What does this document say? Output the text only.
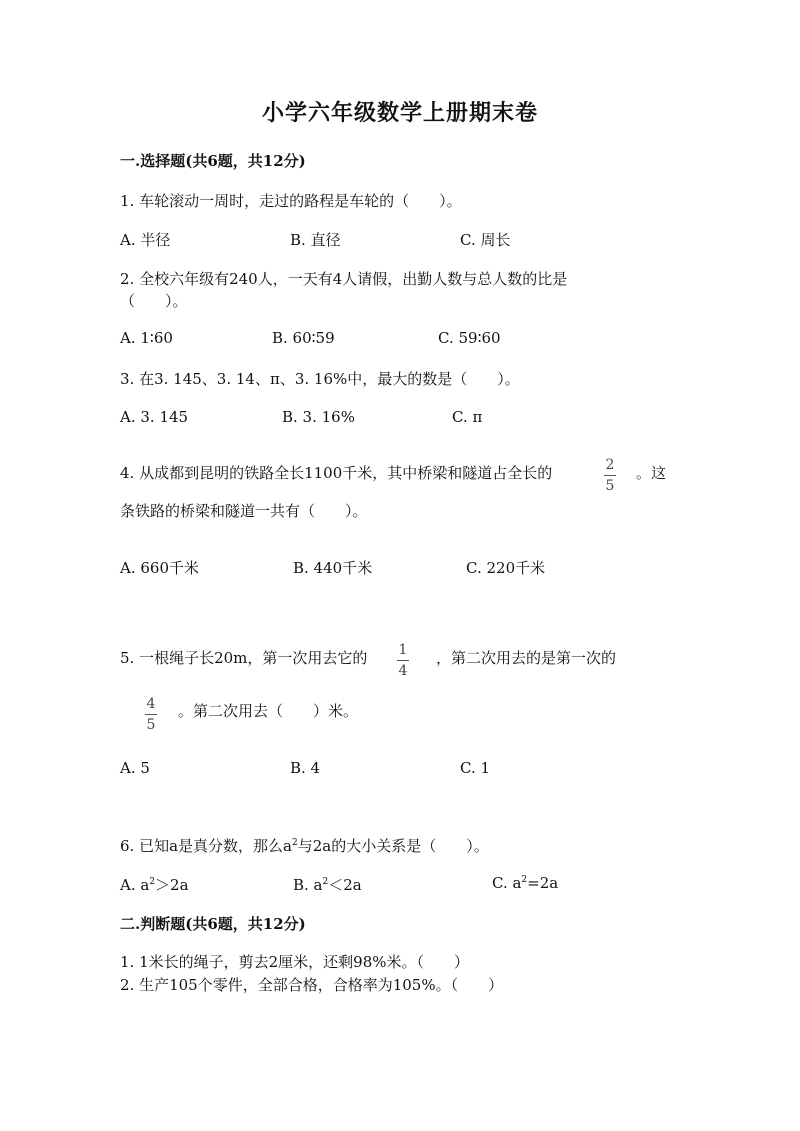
小学六年级数学上册期末卷
一.选择题(共6题，共12分)
1. 车轮滚动一周时，走过的路程是车轮的（　　）。
A. 半径	B. 直径	C. 周长
2. 全校六年级有240人，一天有4人请假，出勤人数与总人数的比是
（　　）。
A. 1∶60	B. 60∶59	C. 59∶60
3. 在3. 145、3. 14、π、3. 16%中，最大的数是（　　）。
A. 3. 145	B. 3. 16%	C. π
4. 从成都到昆明的铁路全长1100千米，其中桥梁和隧道占全长的	$\frac{2}{5}$ 。这
条铁路的桥梁和隧道一共有（　　）。
A. 660千米	B. 440千米	C. 220千米
5. 一根绳子长20m，第一次用去它的 $\frac{1}{4}$ ，第二次用去的是第一次的
$\frac{4}{5}$ 。第二次用去（　　）米。
A. 5	B. 4	C. 1
6. 已知a是真分数，那么$a^2$与2a的大小关系是（　　）。
A. $a^2>2a$	B. $a^2<2a$	C. $a^2=2a$
二.判断题(共6题，共12分)
1. 1米长的绳子，剪去2厘米，还剩98%米。（　　）
2. 生产105个零件，全部合格，合格率为105%。（　　）
